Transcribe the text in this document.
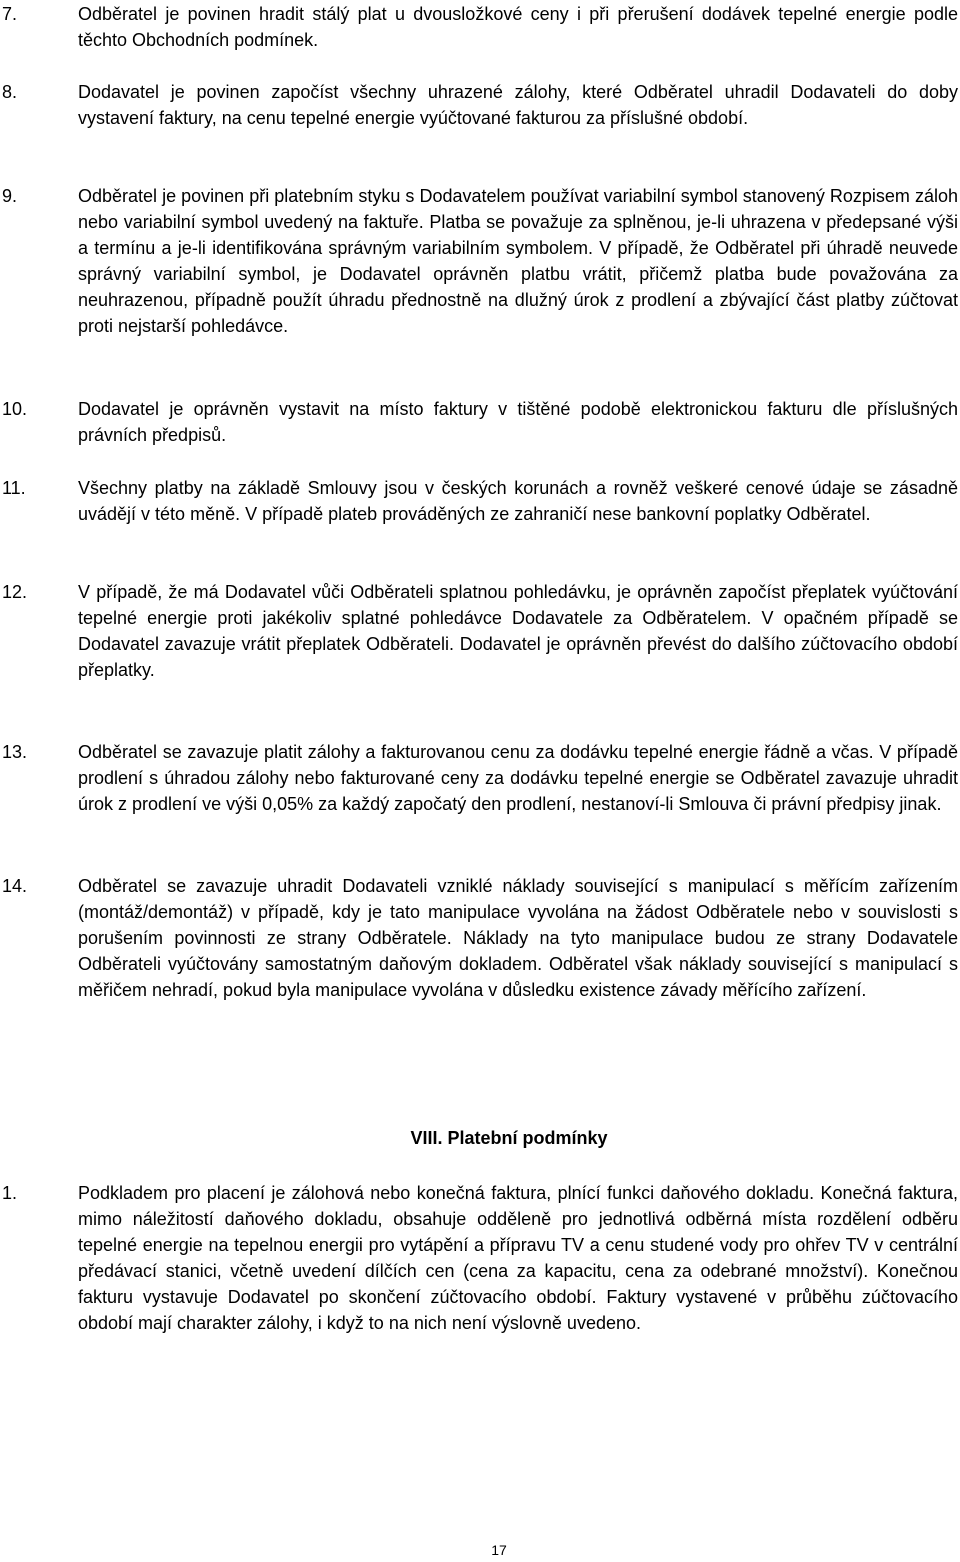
7.	Odběratel je povinen hradit stálý plat u dvousložkové ceny i při přerušení dodávek tepelné energie podle těchto Obchodních podmínek.
8.	Dodavatel je povinen započíst všechny uhrazené zálohy, které Odběratel uhradil Dodavateli do doby vystavení faktury, na cenu tepelné energie vyúčtované fakturou za příslušné období.
9.	Odběratel je povinen při platebním styku s Dodavatelem používat variabilní symbol stanovený Rozpisem záloh nebo variabilní symbol uvedený na faktuře. Platba se považuje za splněnou, je-li uhrazena v předepsané výši a termínu a je-li identifikována správným variabilním symbolem. V případě, že Odběratel při úhradě neuvede správný variabilní symbol, je Dodavatel oprávněn platbu vrátit, přičemž platba bude považována za neuhrazenou, případně použít úhradu přednostně na dlužný úrok z prodlení a zbývající část platby zúčtovat proti nejstarší pohledávce.
10.	Dodavatel je oprávněn vystavit na místo faktury v tištěné podobě elektronickou fakturu dle příslušných právních předpisů.
11.	Všechny platby na základě Smlouvy jsou v českých korunách a rovněž veškeré cenové údaje se zásadně uvádějí v této měně. V případě plateb prováděných ze zahraničí nese bankovní poplatky Odběratel.
12.	V případě, že má Dodavatel vůči Odběrateli splatnou pohledávku, je oprávněn započíst přeplatek vyúčtování tepelné energie proti jakékoliv splatné pohledávce Dodavatele za Odběratelem. V opačném případě se Dodavatel zavazuje vrátit přeplatek Odběrateli. Dodavatel je oprávněn převést do dalšího zúčtovacího období přeplatky.
13.	Odběratel se zavazuje platit zálohy a fakturovanou cenu za dodávku tepelné energie řádně a včas. V případě prodlení s úhradou zálohy nebo fakturované ceny za dodávku tepelné energie se Odběratel zavazuje uhradit úrok z prodlení ve výši 0,05% za každý započatý den prodlení, nestanoví-li Smlouva či právní předpisy jinak.
14.	Odběratel se zavazuje uhradit Dodavateli vzniklé náklady související s manipulací s měřícím zařízením (montáž/demontáž) v případě, kdy je tato manipulace vyvolána na žádost Odběratele nebo v souvislosti s porušením povinnosti ze strany Odběratele. Náklady na tyto manipulace budou ze strany Dodavatele Odběrateli vyúčtovány samostatným daňovým dokladem. Odběratel však náklady související s manipulací s měřičem nehradí, pokud byla manipulace vyvolána v důsledku existence závady měřícího zařízení.
VIII. Platební podmínky
1.	Podkladem pro placení je zálohová nebo konečná faktura, plnící funkci daňového dokladu. Konečná faktura, mimo náležitostí daňového dokladu, obsahuje odděleně pro jednotlivá odběrná místa rozdělení odběru tepelné energie na tepelnou energii pro vytápění a přípravu TV a cenu studené vody pro ohřev TV v centrální předávací stanici, včetně uvedení dílčích cen (cena za kapacitu, cena za odebrané množství). Konečnou fakturu vystavuje Dodavatel po skončení zúčtovacího období. Faktury vystavené v průběhu zúčtovacího období mají charakter zálohy, i když to na nich není výslovně uvedeno.
17
